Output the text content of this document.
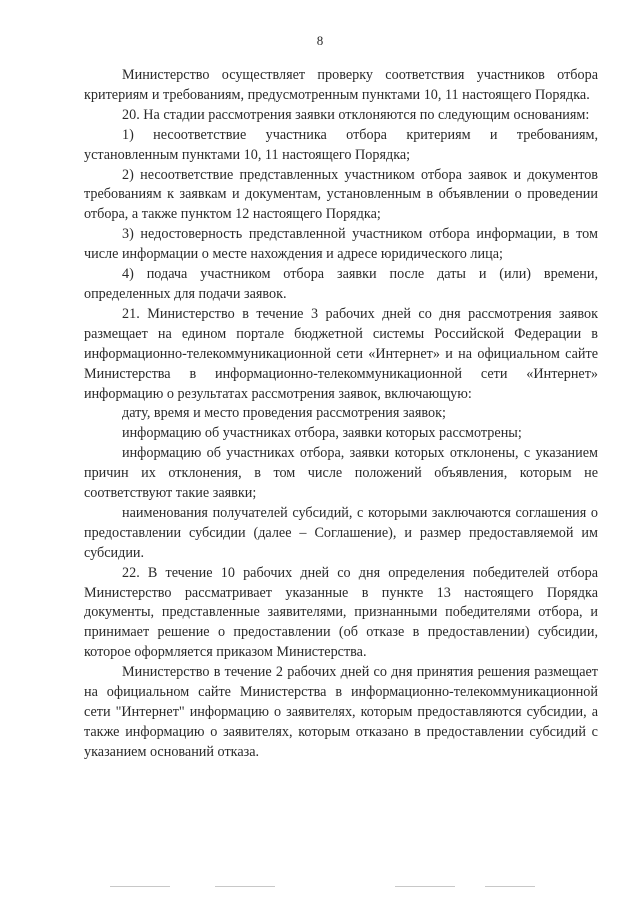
8

Министерство осуществляет проверку соответствия участников отбора критериям и требованиям, предусмотренным пунктами 10, 11 настоящего Порядка.

20. На стадии рассмотрения заявки отклоняются по следующим основаниям:

1) несоответствие участника отбора критериям и требованиям, установленным пунктами 10, 11 настоящего Порядка;

2) несоответствие представленных участником отбора заявок и документов требованиям к заявкам и документам, установленным в объявлении о проведении отбора, а также пунктом 12 настоящего Порядка;

3) недостоверность представленной участником отбора информации, в том числе информации о месте нахождения и адресе юридического лица;

4) подача участником отбора заявки после даты и (или) времени, определенных для подачи заявок.

21. Министерство в течение 3 рабочих дней со дня рассмотрения заявок размещает на едином портале бюджетной системы Российской Федерации в информационно-телекоммуникационной сети «Интернет» и на официальном сайте Министерства в информационно-телекоммуникационной сети «Интернет» информацию о результатах рассмотрения заявок, включающую:

дату, время и место проведения рассмотрения заявок;

информацию об участниках отбора, заявки которых рассмотрены;

информацию об участниках отбора, заявки которых отклонены, с указанием причин их отклонения, в том числе положений объявления, которым не соответствуют такие заявки;

наименования получателей субсидий, с которыми заключаются соглашения о предоставлении субсидии (далее – Соглашение), и размер предоставляемой им субсидии.

22. В течение 10 рабочих дней со дня определения победителей отбора Министерство рассматривает указанные в пункте 13 настоящего Порядка документы, представленные заявителями, признанными победителями отбора, и принимает решение о предоставлении (об отказе в предоставлении) субсидии, которое оформляется приказом Министерства.

Министерство в течение 2 рабочих дней со дня принятия решения размещает на официальном сайте Министерства в информационно-телекоммуникационной сети "Интернет" информацию о заявителях, которым предоставляются субсидии, а также информацию о заявителях, которым отказано в предоставлении субсидий с указанием оснований отказа.
